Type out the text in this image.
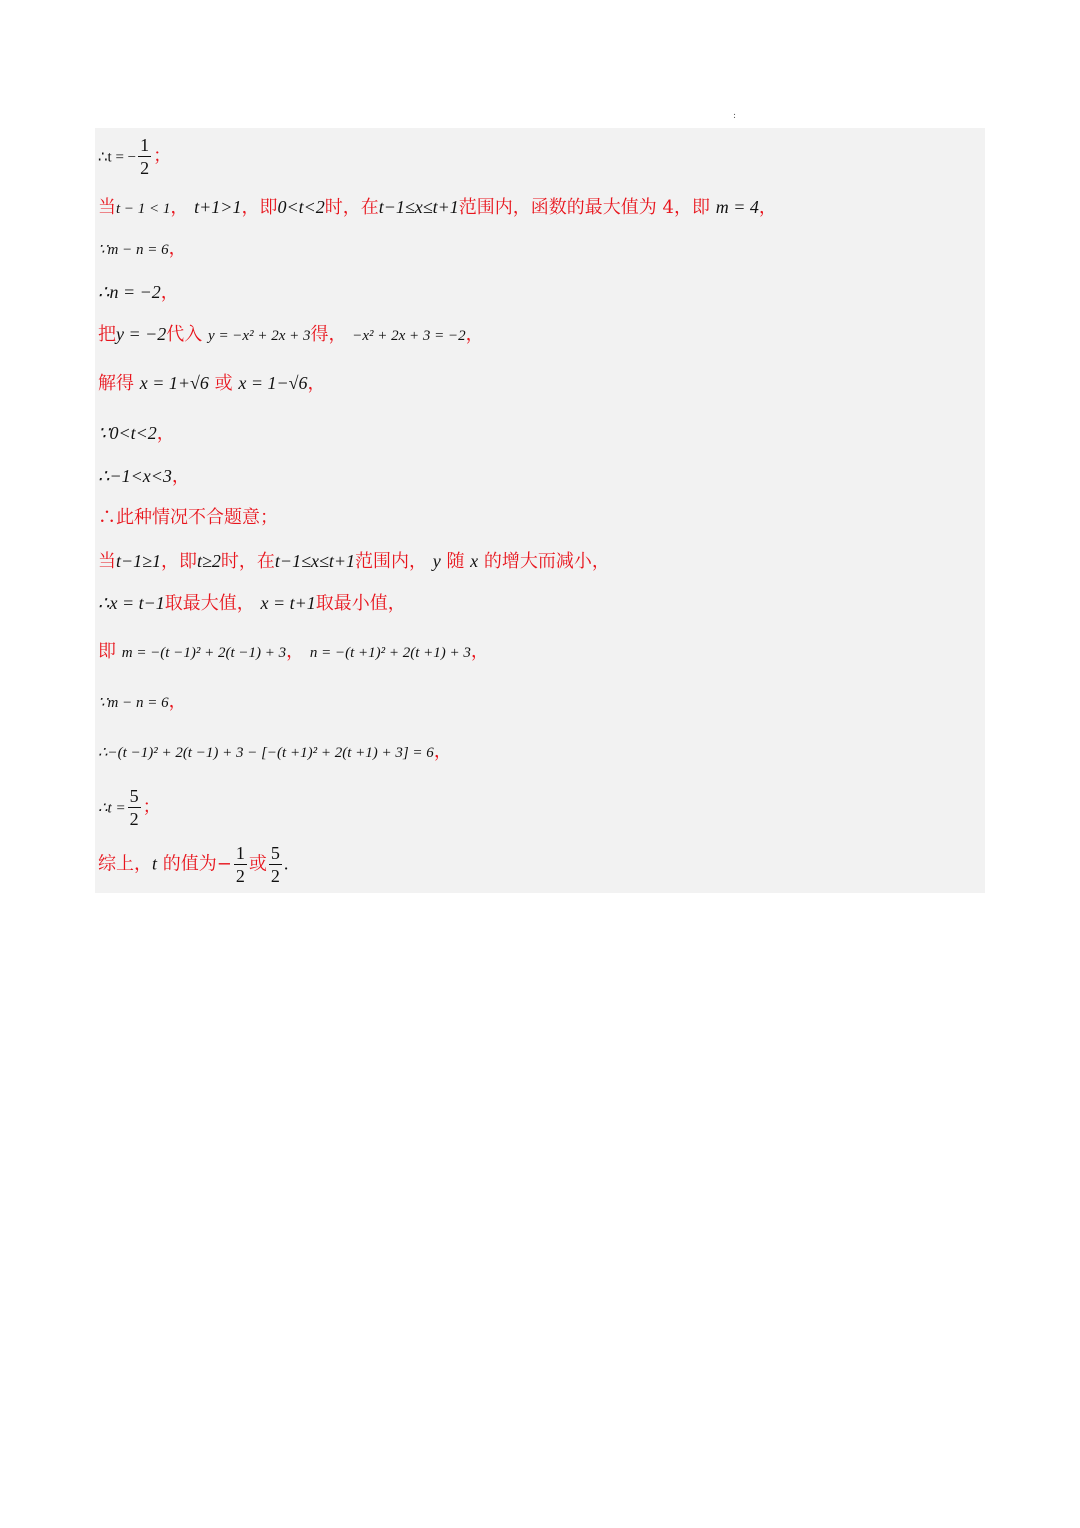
:
∴t = − $\frac{1}{2}$ ；
当t − 1 < 1， t+1>1，即0<t<2时，在t−1≤x≤t+1范围内，函数的最大值为 4，即 m = 4，
∵m − n = 6，
∴n = −2，
把y = −2代入 y = −x² + 2x + 3得， −x² + 2x + 3 = −2，
解得 x = 1+√6 或 x = 1−√6，
∵0<t<2，
∴−1<x<3，
∴此种情况不合题意；
当t−1≥1，即t≥2时，在t−1≤x≤t+1范围内， y 随 x 的增大而减小，
∴x = t−1取最大值， x = t+1取最小值，
即 m = −(t −1)² + 2(t −1) + 3， n = −(t +1)² + 2(t +1) + 3，
∵m − n = 6，
∴−(t −1)² + 2(t −1) + 3 − [−(t +1)² + 2(t +1) + 3] = 6，
∴t = $\frac{5}{2}$ ；
综上，t 的值为− $\frac{1}{2}$ 或 $\frac{5}{2}$ .
